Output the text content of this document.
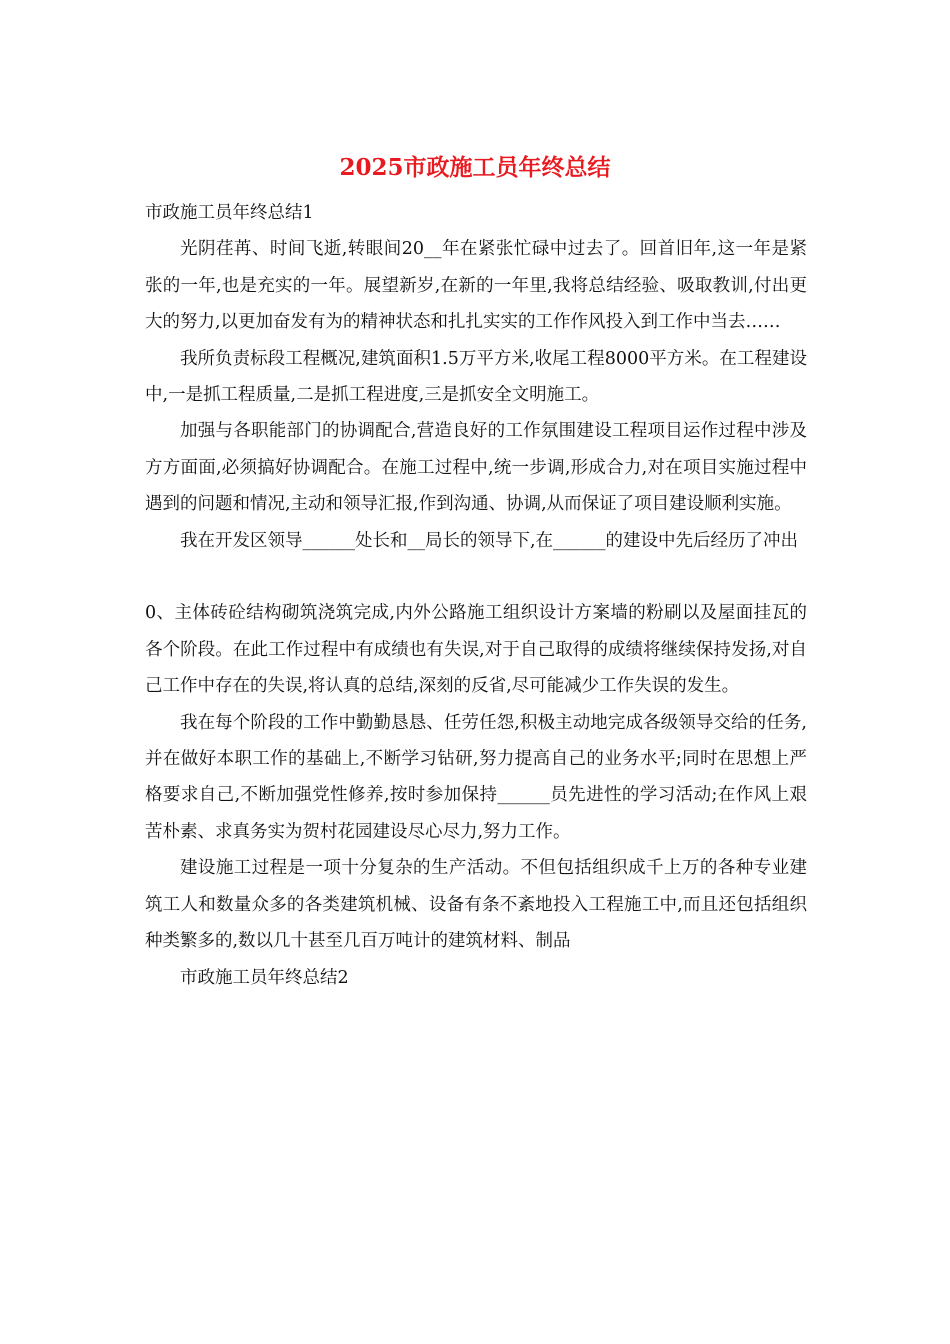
2025市政施工员年终总结

市政施工员年终总结1

光阴荏苒、时间飞逝,转眼间20__年在紧张忙碌中过去了。回首旧年,这一年是紧张的一年,也是充实的一年。展望新岁,在新的一年里,我将总结经验、吸取教训,付出更大的努力,以更加奋发有为的精神状态和扎扎实实的工作作风投入到工作中当去……

我所负责标段工程概况,建筑面积1.5万平方米,收尾工程8000平方米。在工程建设中,一是抓工程质量,二是抓工程进度,三是抓安全文明施工。

加强与各职能部门的协调配合,营造良好的工作氛围建设工程项目运作过程中涉及方方面面,必须搞好协调配合。在施工过程中,统一步调,形成合力,对在项目实施过程中遇到的问题和情况,主动和领导汇报,作到沟通、协调,从而保证了项目建设顺利实施。

我在开发区领导______处长和__局长的领导下,在______的建设中先后经历了冲出

0、主体砖砼结构砌筑浇筑完成,内外公路施工组织设计方案墙的粉刷以及屋面挂瓦的各个阶段。在此工作过程中有成绩也有失误,对于自己取得的成绩将继续保持发扬,对自己工作中存在的失误,将认真的总结,深刻的反省,尽可能减少工作失误的发生。

我在每个阶段的工作中勤勤恳恳、任劳任怨,积极主动地完成各级领导交给的任务,并在做好本职工作的基础上,不断学习钻研,努力提高自己的业务水平;同时在思想上严格要求自己,不断加强党性修养,按时参加保持______员先进性的学习活动;在作风上艰苦朴素、求真务实为贺村花园建设尽心尽力,努力工作。

建设施工过程是一项十分复杂的生产活动。不但包括组织成千上万的各种专业建筑工人和数量众多的各类建筑机械、设备有条不紊地投入工程施工中,而且还包括组织种类繁多的,数以几十甚至几百万吨计的建筑材料、制品

市政施工员年终总结2
